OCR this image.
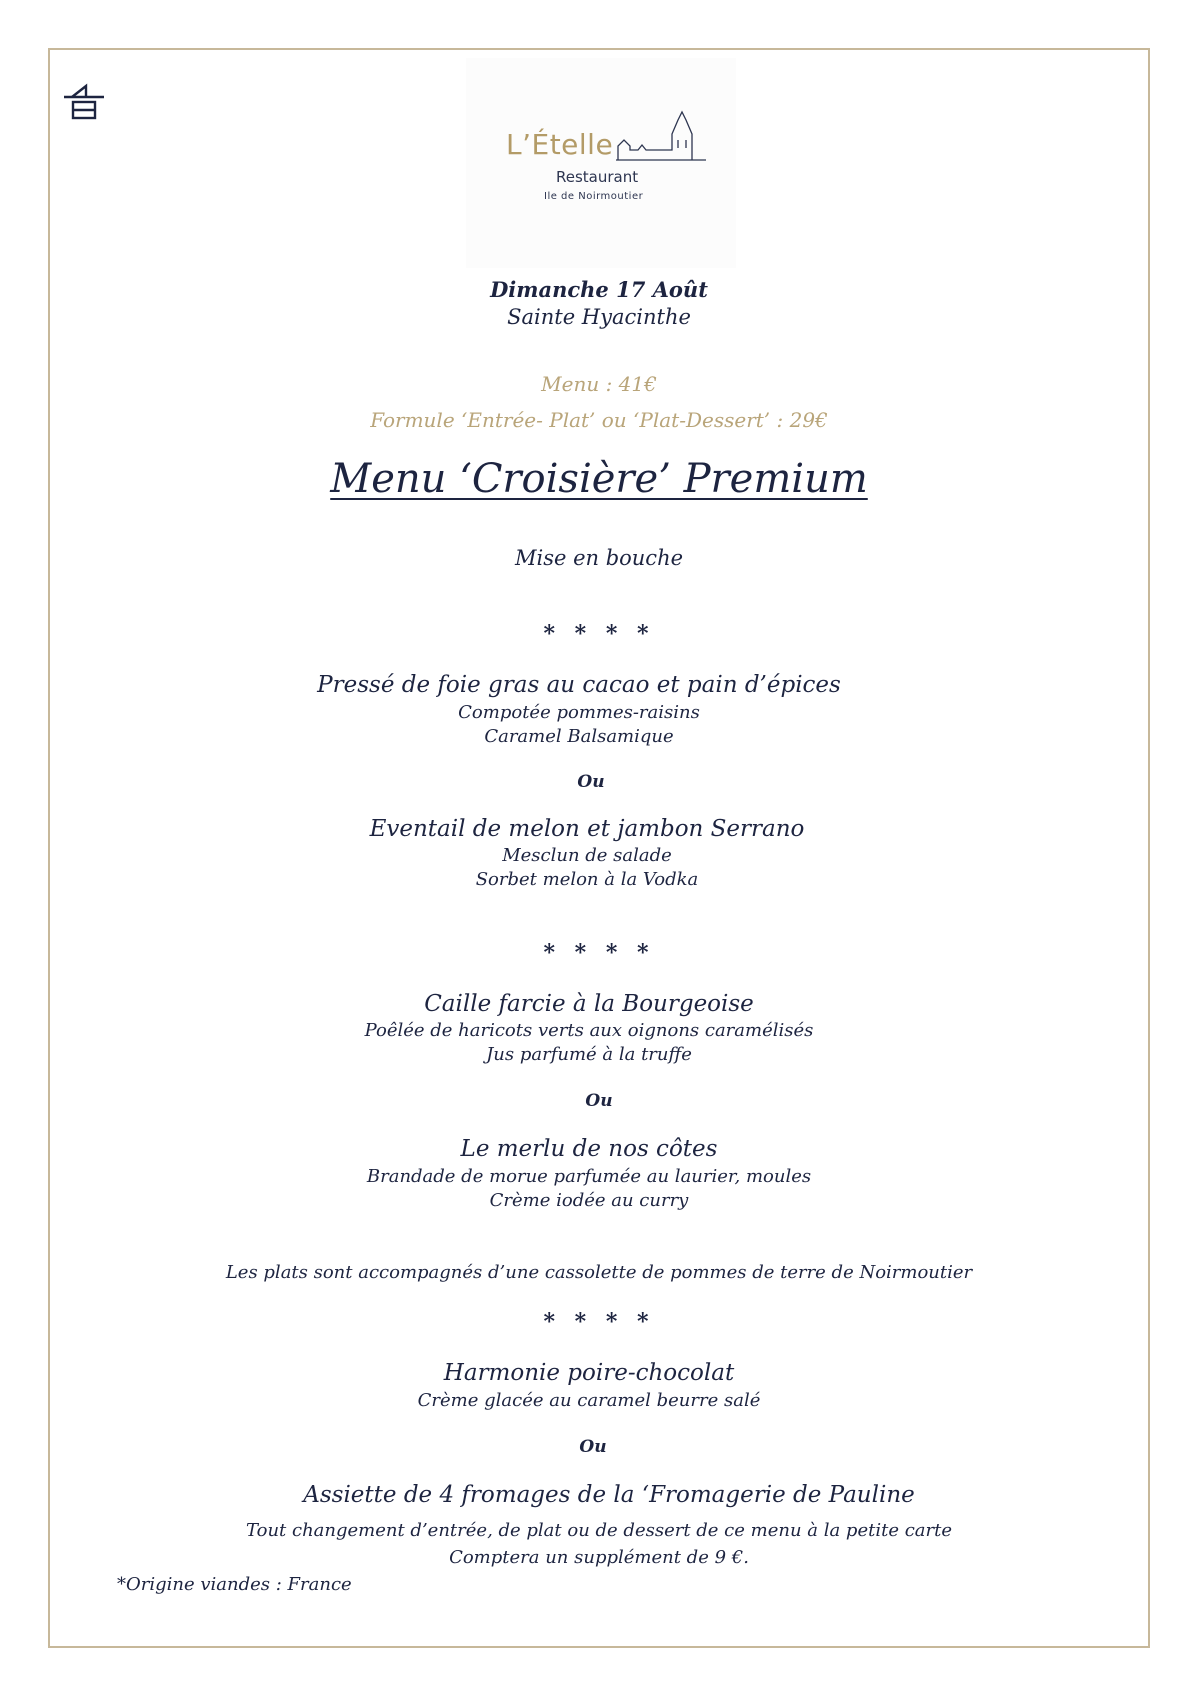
L’Ételle
Restaurant
Ile de Noirmoutier
Dimanche 17 Août
Sainte Hyacinthe
Menu : 41€
Formule ‘Entrée- Plat’ ou ‘Plat-Dessert’ : 29€
Menu ‘Croisière’ Premium
Mise en bouche
* * * *
Pressé de foie gras au cacao et pain d’épices
Compotée pommes-raisins
Caramel Balsamique
Ou
Eventail de melon et jambon Serrano
Mesclun de salade
Sorbet melon à la Vodka
* * * *
Caille farcie à la Bourgeoise
Poêlée de haricots verts aux oignons caramélisés
Jus parfumé à la truffe
Ou
Le merlu de nos côtes
Brandade de morue parfumée au laurier, moules
Crème iodée au curry
Les plats sont accompagnés d’une cassolette de pommes de terre de Noirmoutier
* * * *
Harmonie poire-chocolat
Crème glacée au caramel beurre salé
Ou
Assiette de 4 fromages de la ‘Fromagerie de Pauline
Tout changement d’entrée, de plat ou de dessert de ce menu à la petite carte
Comptera un supplément de 9 €.
*Origine viandes : France
